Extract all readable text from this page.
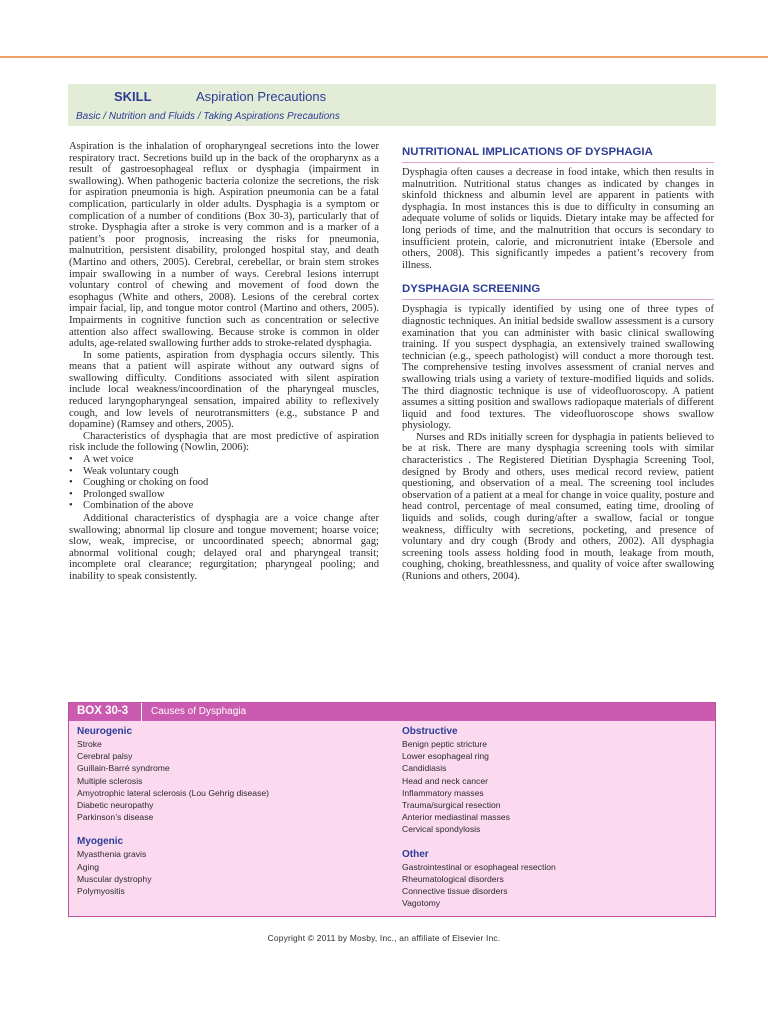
SKILL	Aspiration Precautions
Basic / Nutrition and Fluids / Taking Aspirations Precautions

Aspiration is the inhalation of oropharyngeal secretions into the lower respiratory tract. Secretions build up in the back of the oropharynx as a result of gastroesophageal reflux or dysphagia (impairment in swallowing). When pathogenic bacteria colonize the secretions, the risk for aspiration pneumonia is high. Aspiration pneumonia can be a fatal complication, particularly in older adults. Dysphagia is a symptom or complication of a number of conditions (Box 30-3), particularly that of stroke. Dysphagia after a stroke is very common and is a marker of a patient’s poor prognosis, increasing the risks for pneumonia, malnutrition, persistent disability, prolonged hospital stay, and death (Martino and others, 2005). Cerebral, cerebellar, or brain stem strokes impair swallowing in a number of ways. Cerebral lesions interrupt voluntary control of chewing and movement of food down the esophagus (White and others, 2008). Lesions of the cerebral cortex impair facial, lip, and tongue motor control (Martino and others, 2005). Impairments in cognitive function such as concentration or selective attention also affect swallowing. Because stroke is common in older adults, age-related swallowing further adds to stroke-related dysphagia.

In some patients, aspiration from dysphagia occurs silently. This means that a patient will aspirate without any outward signs of swallowing difficulty. Conditions associated with silent aspiration include local weakness/incoordination of the pharyngeal muscles, reduced laryngopharyngeal sensation, impaired ability to reflexively cough, and low levels of neurotransmitters (e.g., substance P and dopamine) (Ramsey and others, 2005).

Characteristics of dysphagia that are most predictive of aspiration risk include the following (Nowlin, 2006):

• A wet voice
• Weak voluntary cough
• Coughing or choking on food
• Prolonged swallow
• Combination of the above

Additional characteristics of dysphagia are a voice change after swallowing; abnormal lip closure and tongue movement; hoarse voice; slow, weak, imprecise, or uncoordinated speech; abnormal gag; abnormal volitional cough; delayed oral and pharyngeal transit; incomplete oral clearance; regurgitation; pharyngeal pooling; and inability to speak consistently.

NUTRITIONAL IMPLICATIONS OF DYSPHAGIA

Dysphagia often causes a decrease in food intake, which then results in malnutrition. Nutritional status changes as indicated by changes in skinfold thickness and albumin level are apparent in patients with dysphagia. In most instances this is due to difficulty in consuming an adequate volume of solids or liquids. Dietary intake may be affected for long periods of time, and the malnutrition that occurs is secondary to insufficient protein, calorie, and micronutrient intake (Ebersole and others, 2008). This significantly impedes a patient’s recovery from illness.

DYSPHAGIA SCREENING

Dysphagia is typically identified by using one of three types of diagnostic techniques. An initial bedside swallow assessment is a cursory examination that you can administer with basic clinical swallowing training. If you suspect dysphagia, an extensively trained swallowing technician (e.g., speech pathologist) will conduct a more thorough test. The comprehensive testing involves assessment of cranial nerves and swallowing trials using a variety of texture-modified liquids and solids. The third diagnostic technique is use of videofluoroscopy. A patient assumes a sitting position and swallows radiopaque materials of different liquid and food textures. The videofluoroscope shows swallow physiology.

Nurses and RDs initially screen for dysphagia in patients believed to be at risk. There are many dysphagia screening tools with similar characteristics . The Registered Dietitian Dysphagia Screening Tool, designed by Brody and others, uses medical record review, patient questioning, and observation of a meal. The screening tool includes observation of a patient at a meal for change in voice quality, posture and head control, percentage of meal consumed, eating time, drooling of liquids and solids, cough during/after a swallow, facial or tongue weakness, difficulty with secretions, pocketing, and presence of voluntary and dry cough (Brody and others, 2002). All dysphagia screening tools assess holding food in mouth, leakage from mouth, coughing, choking, breathlessness, and quality of voice after swallowing (Runions and others, 2004).

BOX 30-3 Causes of Dysphagia
Neurogenic
Stroke
Cerebral palsy
Guillain-Barré syndrome
Multiple sclerosis
Amyotrophic lateral sclerosis (Lou Gehrig disease)
Diabetic neuropathy
Parkinson’s disease
Myogenic
Myasthenia gravis
Aging
Muscular dystrophy
Polymyositis
Obstructive
Benign peptic stricture
Lower esophageal ring
Candidiasis
Head and neck cancer
Inflammatory masses
Trauma/surgical resection
Anterior mediastinal masses
Cervical spondylosis
Other
Gastrointestinal or esophageal resection
Rheumatological disorders
Connective tissue disorders
Vagotomy
Copyright © 2011 by Mosby, Inc., an affiliate of Elsevier Inc.
